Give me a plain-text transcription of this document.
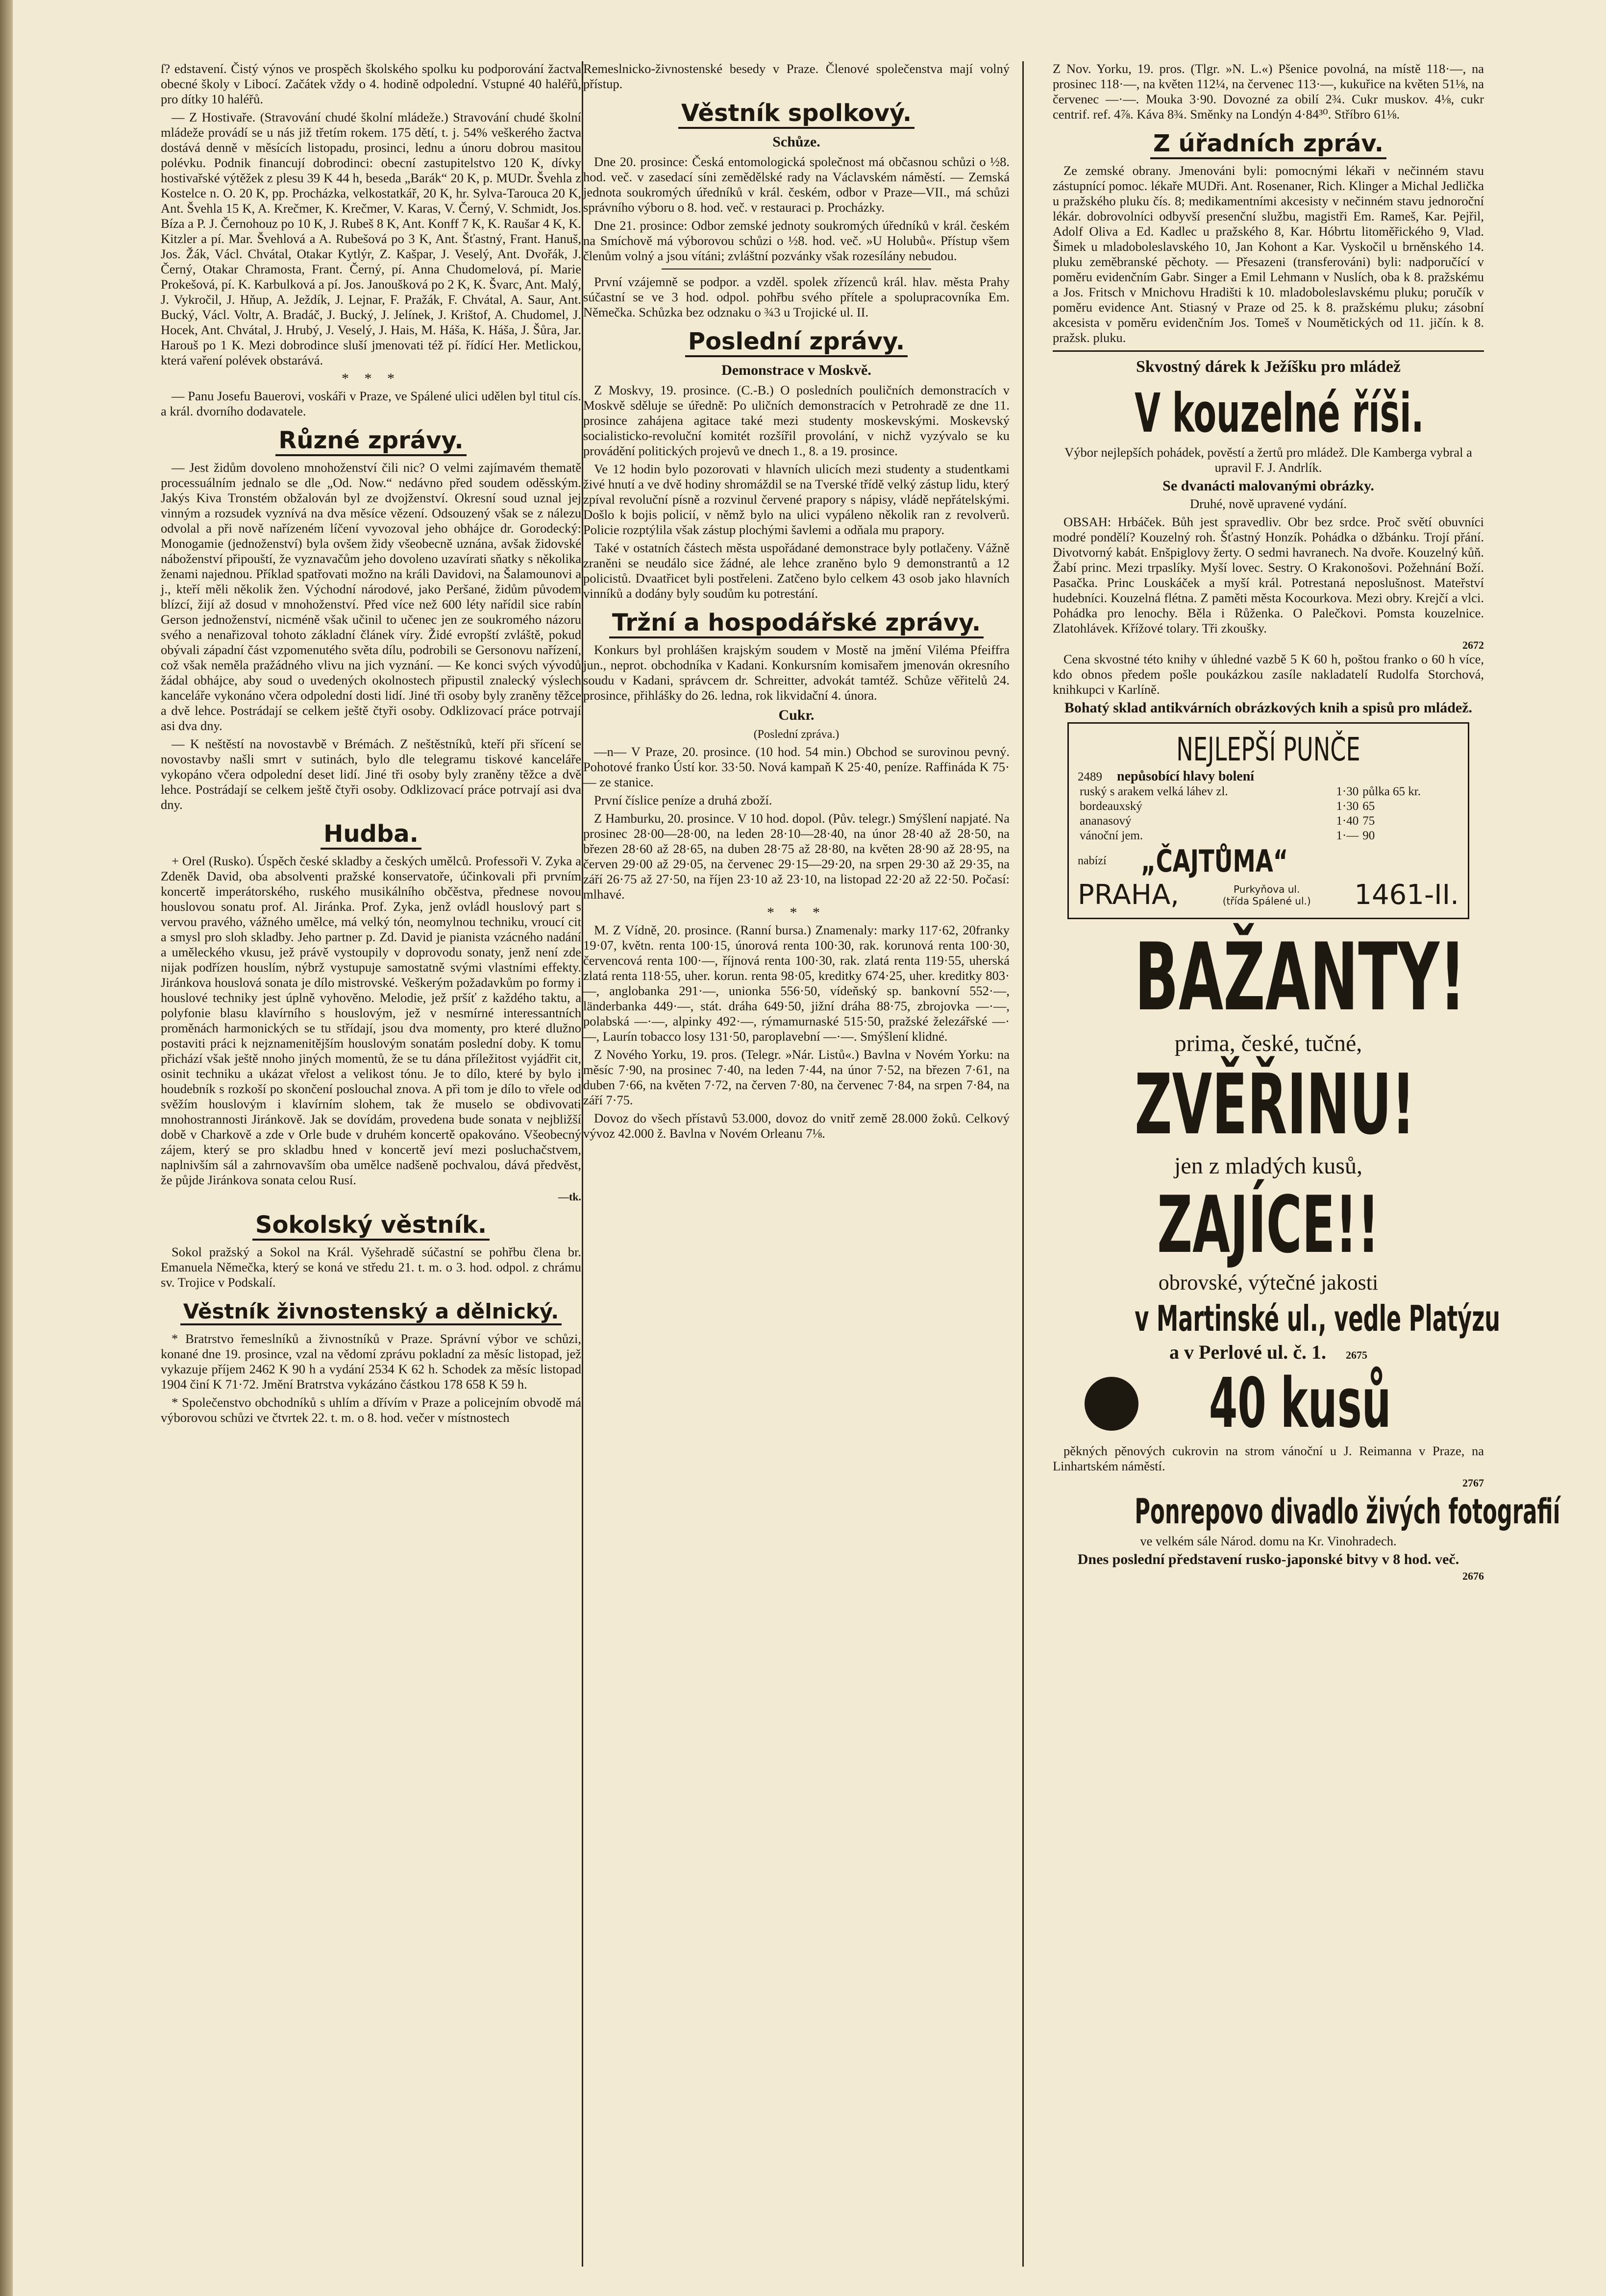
ſ? edstavení. Čistý výnos ve prospěch školského spolku ku podporování žactva obecné školy v Libocí. Začátek vždy o 4. hodině odpolední. Vstupné 40 haléřů, pro dítky 10 haléřů.

— Z Hostivaře. (Stravování chudé školní mládeže.) Stravování chudé školní mládeže provádí se u nás již třetím rokem. 175 dětí, t. j. 54% veškerého žactva dostává denně v měsících listopadu, prosinci, lednu a únoru dobrou masitou polévku. Podnik financují dobrodinci: obecní zastupitelstvo 120 K, dívky hostivařské výtěžek z plesu 39 K 44 h, beseda „Barák“ 20 K, p. MUDr. Švehla z Kostelce n. O. 20 K, pp. Procházka, velkostatkář, 20 K, hr. Sylva-Tarouca 20 K, Ant. Švehla 15 K, A. Krečmer, K. Krečmer, V. Karas, V. Černý, V. Schmidt, Jos. Bíza a P. J. Černohouz po 10 K, J. Rubeš 8 K, Ant. Konff 7 K, K. Raušar 4 K, K. Kitzler a pí. Mar. Švehlová a A. Rubešová po 3 K, Ant. Šťastný, Frant. Hanuš, Jos. Žák, Václ. Chvátal, Otakar Kytlýr, Z. Kašpar, J. Veselý, Ant. Dvořák, J. Černý, Otakar Chramosta, Frant. Černý, pí. Anna Chudomelová, pí. Marie Prokešová, pí. K. Karbulková a pí. Jos. Janoušková po 2 K, K. Švarc, Ant. Malý, J. Vykročil, J. Hňup, A. Ježdík, J. Lejnar, F. Pražák, F. Chvátal, A. Saur, Ant. Bucký, Václ. Voltr, A. Bradáč, J. Bucký, J. Jelínek, J. Krištof, A. Chudomel, J. Hocek, Ant. Chvátal, J. Hrubý, J. Veselý, J. Hais, M. Háša, K. Háša, J. Šůra, Jar. Harouš po 1 K. Mezi dobrodince sluší jmenovati též pí. řídící Her. Metlickou, která vaření polévek obstarává.

* * *

— Panu Josefu Bauerovi, voskáři v Praze, ve Spálené ulici udělen byl titul cís. a král. dvorního dodavatele.

Různé zprávy.

— Jest židům dovoleno mnohoženství čili nic? O velmi zajímavém thematě processuálním jednalo se dle „Od. Now.“ nedávno před soudem oděsským. Jakýs Kiva Tronstém obžalován byl ze dvojženství. Okresní soud uznal jej vinným a rozsudek vyznívá na dva měsíce vězení. Odsouzený však se z nálezu odvolal a při nově nařízeném líčení vyvozoval jeho obhájce dr. Gorodecký: Monogamie (jednoženství) byla ovšem židy všeobecně uznána, avšak židovské náboženství připouští, že vyznavačům jeho dovoleno uzavírati sňatky s několika ženami najednou. Příklad spatřovati možno na králi Davidovi, na Šalamounovi a j., kteří měli několik žen. Východní národové, jako Peršané, židům původem blízcí, žijí až dosud v mnohoženství. Před více než 600 léty nařídil sice rabín Gerson jednoženství, nicméně však učinil to učenec jen ze soukromého názoru svého a nenařizoval tohoto základní článek víry. Židé evropští zvláště, pokud obývali západní část vzpomenutého světa dílu, podrobili se Gersonovu nařízení, což však neměla pražádného vlivu na jich vyznání. — Ke konci svých vývodů žádal obhájce, aby soud o uvedených okolnostech připustil znalecký výslech kanceláře vykonáno včera odpolední dosti lidí. Jiné tři osoby byly zraněny těžce a dvě lehce. Postrádají se celkem ještě čtyři osoby. Odklizovací práce potrvají asi dva dny.

— K neštěstí na novostavbě v Brémách. Z neštěstníků, kteří při sřícení se novostavby našli smrt v sutinách, bylo dle telegramu tiskové kanceláře vykopáno včera odpolední deset lidí. Jiné tři osoby byly zraněny těžce a dvě lehce. Postrádají se celkem ještě čtyři osoby. Odklizovací práce potrvají asi dva dny.

Hudba.

+ Orel (Rusko). Úspěch české skladby a českých umělců. Professoři V. Zyka a Zdeněk David, oba absolventi pražské konservatoře, účinkovali při prvním koncertě imperátorského, ruského musikálního občěstva, přednese novou houslovou sonatu prof. Al. Jiránka. Prof. Zyka, jenž ovládl houslový part s vervou pravého, vážného umělce, má velký tón, neomylnou techniku, vroucí cit a smysl pro sloh skladby. Jeho partner p. Zd. David je pianista vzácného nadání a uměleckého vkusu, jež právě vystoupily v doprovodu sonaty, jenž není zde nijak podřízen houslím, nýbrž vystupuje samostatně svými vlastními effekty. Jiránkova houslová sonata je dílo mistrovské. Veškerým požadavkům po formy i houslové techniky jest úplně vyhověno. Melodie, jež pršíť z každého taktu, a polyfonie blasu klavírního s houslovým, jež v nesmírné interessantních proměnách harmonických se tu střídají, jsou dva momenty, pro které dlužno postaviti práci k nejznamenitějším houslovým sonatám poslední doby. K tomu přichází však ještě nnoho jiných momentů, že se tu dána příležitost vyjádřit cit, osinit techniku a ukázat vřelost a velikost tónu. Je to dílo, které by bylo i houdebník s rozkoší po skončení poslouchal znova. A při tom je dílo to vřele od svěžím houslovým i klavírním slohem, tak že muselo se obdivovati mnohostrannosti Jiránkově. Jak se dovídám, provedena bude sonata v nejbližší době v Charkově a zde v Orle bude v druhém koncertě opakováno. Všeobecný zájem, který se pro skladbu hned v koncertě jeví mezi posluchačstvem, naplnivším sál a zahrnovavším oba umělce nadšeně pochvalou, dává předvěst, že půjde Jiránkova sonata celou Rusí.

—tk.
Sokolský věstník.

Sokol pražský a Sokol na Král. Vyšehradě súčastní se pohřbu člena br. Emanuela Němečka, který se koná ve středu 21. t. m. o 3. hod. odpol. z chrámu sv. Trojice v Podskalí.

Věstník živnostenský a dělnický.

* Bratrstvo řemeslníků a živnostníků v Praze. Správní výbor ve schůzi, konané dne 19. prosince, vzal na vědomí zprávu pokladní za měsíc listopad, jež vykazuje příjem 2462 K 90 h a vydání 2534 K 62 h. Schodek za měsíc listopad 1904 činí K 71·72. Jmění Bratrstva vykázáno částkou 178 658 K 59 h.

* Společenstvo obchodníků s uhlím a dřívím v Praze a policejním obvodě má výborovou schůzi ve čtvrtek 22. t. m. o 8. hod. večer v místnostech

Remeslnicko-živnostenské besedy v Praze. Členové společenstva mají volný přístup.

Věstník spolkový.
Schůze.

Dne 20. prosince: Česká entomologická společnost má občasnou schůzi o ½8. hod. več. v zasedací síni zemědělské rady na Václavském náměstí. — Zemská jednota soukromých úředníků v král. českém, odbor v Praze—VII., má schůzi správního výboru o 8. hod. več. v restauraci p. Procházky.

Dne 21. prosince: Odbor zemské jednoty soukromých úředníků v král. českém na Smíchově má výborovou schůzi o ½8. hod. več. »U Holubů«. Přístup všem členům volný a jsou vítáni; zvláštní pozvánky však rozesílány nebudou.

První vzájemně se podpor. a vzděl. spolek zřízenců král. hlav. města Prahy súčastní se ve 3 hod. odpol. pohřbu svého přítele a spolupracovníka Em. Němečka. Schůzka bez odznaku o ¾3 u Trojické ul. II.

Poslední zprávy.
Demonstrace v Moskvě.

Z Moskvy, 19. prosince. (C.-B.) O posledních pouličních demonstracích v Moskvě sděluje se úředně: Po uličních demonstracích v Petrohradě ze dne 11. prosince zahájena agitace také mezi studenty moskevskými. Moskevský socialisticko-revoluční komitét rozšířil provolání, v nichž vyzývalo se ku provádění politických projevů ve dnech 1., 8. a 19. prosince.

Ve 12 hodin bylo pozorovati v hlavních ulicích mezi studenty a studentkami živé hnutí a ve dvě hodiny shromáždil se na Tverské třídě velký zástup lidu, který zpíval revoluční písně a rozvinul červené prapory s nápisy, vládě nepřátelskými. Došlo k bojis policií, v němž bylo na ulici vypáleno několik ran z revolverů. Policie rozptýlila však zástup plochými šavlemi a odňala mu prapory.

Také v ostatních částech města uspořádané demonstrace byly potlačeny. Vážně zraněni se neudálo sice žádné, ale lehce zraněno bylo 9 demonstrantů a 12 policistů. Dvaatřicet byli postřeleni. Zatčeno bylo celkem 43 osob jako hlavních vinníků a dodány byly soudům ku potrestání.

Tržní a hospodářské zprávy.

Konkurs byl prohlášen krajským soudem v Mostě na jmění Viléma Pfeiffra jun., neprot. obchodníka v Kadani. Konkursním komisařem jmenován okresního soudu v Kadani, správcem dr. Schreitter, advokát tamtéž. Schůze věřitelů 24. prosince, přihlášky do 26. ledna, rok likvidační 4. února.

Cukr.
(Poslední zpráva.)

—n— V Praze, 20. prosince. (10 hod. 54 min.) Obchod se surovinou pevný. Pohotové franko Ústí kor. 33·50. Nová kampaň K 25·40, peníze. Raffináda K 75·— ze stanice.

První číslice peníze a druhá zboží.

Z Hamburku, 20. prosince. V 10 hod. dopol. (Pův. telegr.) Smýšlení napjaté. Na prosinec 28·00—28·00, na leden 28·10—28·40, na únor 28·40 až 28·50, na březen 28·60 až 28·65, na duben 28·75 až 28·80, na květen 28·90 až 28·95, na červen 29·00 až 29·05, na červenec 29·15—29·20, na srpen 29·30 až 29·35, na září 26·75 až 27·50, na říjen 23·10 až 23·10, na listopad 22·20 až 22·50. Počasí: mlhavé.

* * *

M. Z Vídně, 20. prosince. (Ranní bursa.) Znamenaly: marky 117·62, 20franky 19·07, květn. renta 100·15, únorová renta 100·30, rak. korunová renta 100·30, červencová renta 100·—, říjnová renta 100·30, rak. zlatá renta 119·55, uherská zlatá renta 118·55, uher. korun. renta 98·05, kreditky 674·25, uher. kreditky 803·—, anglobanka 291·—, unionka 556·50, vídeňský sp. bankovní 552·—, länderbanka 449·—, stát. dráha 649·50, jižní dráha 88·75, zbrojovka —·—, polabská —·—, alpinky 492·—, rýmamurnaské 515·50, pražské železářské —·—, Laurín tobacco losy 131·50, paroplavební —·—. Smýšlení klidné.

Z Nového Yorku, 19. pros. (Telegr. »Nár. Listů«.) Bavlna v Novém Yorku: na měsíc 7·90, na prosinec 7·40, na leden 7·44, na únor 7·52, na březen 7·61, na duben 7·66, na květen 7·72, na červen 7·80, na červenec 7·84, na srpen 7·84, na září 7·75.

Dovoz do všech přístavů 53.000, dovoz do vnitř země 28.000 žoků. Celkový vývoz 42.000 ž. Bavlna v Novém Orleanu 7⅛.

Z Nov. Yorku, 19. pros. (Tlgr. »N. L.«) Pšenice povolná, na místě 118·—, na prosinec 118·—, na květen 112¼, na červenec 113·—, kukuřice na květen 51⅛, na červenec —·—. Mouka 3·90. Dovozné za obilí 2¾. Cukr muskov. 4⅛, cukr centrif. ref. 4⅞. Káva 8¾. Směnky na Londýn 4·84³⁰. Stříbro 61⅛.

Z úřadních zpráv.

Ze zemské obrany. Jmenováni byli: pomocnými lékaři v nečinném stavu zástupnící pomoc. lékaře MUDři. Ant. Rosenaner, Rich. Klinger a Michal Jedlička u pražského pluku čís. 8; medikamentními akcesisty v nečinném stavu jednoroční lékár. dobrovolníci odbyvší presenční službu, magistři Em. Rameš, Kar. Pejřil, Adolf Oliva a Ed. Kadlec u pražského 8, Kar. Hóbrtu litoměřického 9, Vlad. Šimek u mladoboleslavského 10, Jan Kohont a Kar. Vyskočil u brněnského 14. pluku zeměbranské pěchoty. — Přesazeni (transferováni) byli: nadporučící v poměru evidenčním Gabr. Singer a Emil Lehmann v Nuslích, oba k 8. pražskému a Jos. Fritsch v Mnichovu Hradišti k 10. mladoboleslavskému pluku; poručík v poměru evidence Ant. Stiasný v Praze od 25. k 8. pražskému pluku; zásobní akcesista v poměru evidenčním Jos. Tomeš v Noumětických od 11. jičín. k 8. pražsk. pluku.

Skvostný dárek k Ježíšku pro mládež
V kouzelné říši.

Výbor nejlepších pohádek, pověstí a žertů pro mládež. Dle Kamberga vybral a upravil F. J. Andrlík.

Se dvanácti malovanými obrázky.

Druhé, nově upravené vydání.

OBSAH: Hrbáček. Bůh jest spravedliv. Obr bez srdce. Proč světí obuvníci modré pondělí? Kouzelný roh. Šťastný Honzík. Pohádka o džbánku. Trojí přání. Divotvorný kabát. Enšpiglovy žerty. O sedmi havranech. Na dvoře. Kouzelný kůň. Žabí princ. Mezi trpaslíky. Myší loveс. Sestry. O Krakonošovi. Požehnání Boží. Pasačka. Princ Louskáček a myší král. Potrestaná neposlušnost. Mateřství hudebníci. Kouzelná flétna. Z paměti města Kocourkova. Mezi obry. Krejčí a vlci. Pohádka pro lenochy. Běla i Růženka. O Palečkovi. Pomsta kouzelnice. Zlatohlávek. Křížové tolary. Tři zkoušky.

2672

Cena skvostné této knihy v úhledné vazbě 5 K 60 h, poštou franko o 60 h více, kdo obnos předem pošle poukázkou zasíle nakladatelí Rudolfa Storchová, knihkupci v Karlíně.

Bohatý sklad antikvárních obrázkových knih a spisů pro mládež.

NEJLEPŠÍ PUNČE
2489 nepůsobící hlavy bolení
ruský s arakem velká láhev zl.	1·30	půlka 65 kr.
bordeauxský	1·30	65
ananasový	1·40	75
vánoční jem.	1·—	90
nabízí „ČAJTŮMA“
PRAHA,	Purkyňova ul.
(třída Spálené ul.) 1461-II.
BAŽANTY!
prima, české, tučné,
ZVĚŘINU!
jen z mladých kusů,
ZAJÍCE!!
obrovské, výtečné jakosti
v Martinské ul., vedle Platýzu
a v Perlové ul. č. 1. 2675
40 kusů

pěkných pěnových cukrovin na strom vánoční u J. Reimanna v Praze, na Linhartském náměstí.

2767
Ponrepovo divadlo živých fotografií

ve velkém sále Národ. domu na Kr. Vinohradech.

Dnes poslední představení rusko-japonské bitvy v 8 hod. več.

2676
